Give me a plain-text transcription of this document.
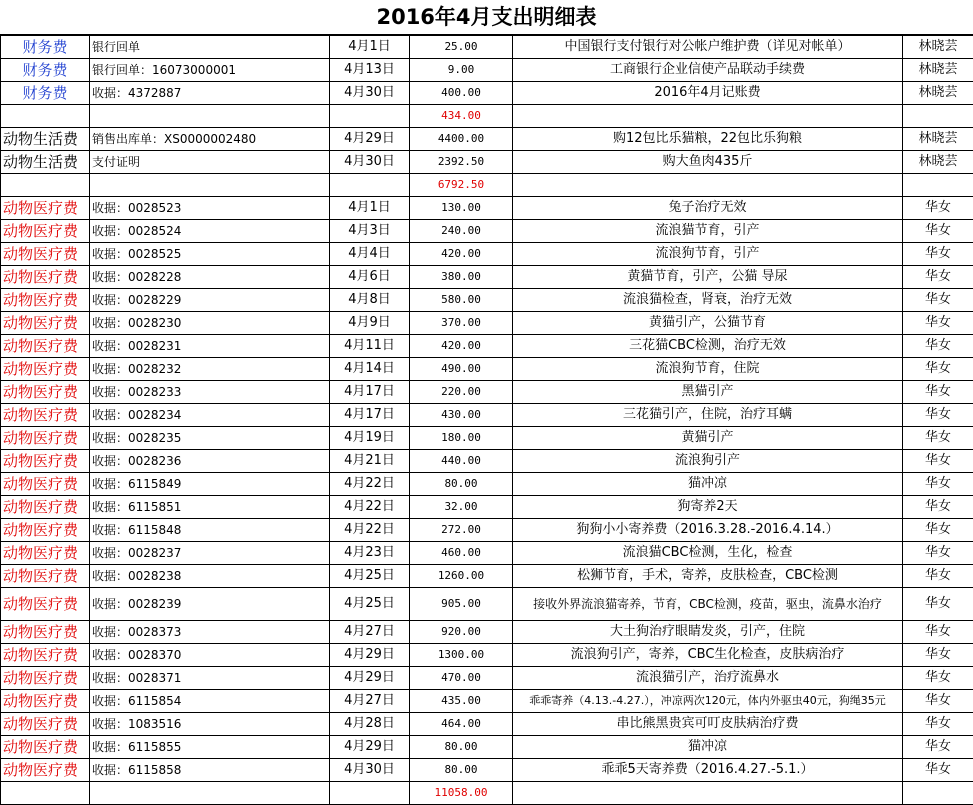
2016年4月支出明细表
财务费	银行回单	4月1日	25.00	中国银行支付银行对公帐户维护费（详见对帐单）	林晓芸
财务费	银行回单：16073000001	4月13日	9.00	工商银行企业信使产品联动手续费	林晓芸
财务费	收据：4372887	4月30日	400.00	2016年4月记账费	林晓芸
			434.00		
动物生活费	销售出库单：XS0000002480	4月29日	4400.00	购12包比乐猫粮，22包比乐狗粮	林晓芸
动物生活费	支付证明	4月30日	2392.50	购大鱼肉435斤	林晓芸
			6792.50		
动物医疗费	收据：0028523	4月1日	130.00	兔子治疗无效	华女
动物医疗费	收据：0028524	4月3日	240.00	流浪猫节育，引产	华女
动物医疗费	收据：0028525	4月4日	420.00	流浪狗节育，引产	华女
动物医疗费	收据：0028228	4月6日	380.00	黄猫节育，引产，公猫 导尿	华女
动物医疗费	收据：0028229	4月8日	580.00	流浪猫检查，肾衰，治疗无效	华女
动物医疗费	收据：0028230	4月9日	370.00	黄猫引产，公猫节育	华女
动物医疗费	收据：0028231	4月11日	420.00	三花猫CBC检测，治疗无效	华女
动物医疗费	收据：0028232	4月14日	490.00	流浪狗节育，住院	华女
动物医疗费	收据：0028233	4月17日	220.00	黑猫引产	华女
动物医疗费	收据：0028234	4月17日	430.00	三花猫引产，住院，治疗耳螨	华女
动物医疗费	收据：0028235	4月19日	180.00	黄猫引产	华女
动物医疗费	收据：0028236	4月21日	440.00	流浪狗引产	华女
动物医疗费	收据：6115849	4月22日	80.00	猫冲凉	华女
动物医疗费	收据：6115851	4月22日	32.00	狗寄养2天	华女
动物医疗费	收据：6115848	4月22日	272.00	狗狗小小寄养费（2016.3.28.-2016.4.14.）	华女
动物医疗费	收据：0028237	4月23日	460.00	流浪猫CBC检测，生化，检查	华女
动物医疗费	收据：0028238	4月25日	1260.00	松狮节育，手术，寄养，皮肤检查，CBC检测	华女
动物医疗费	收据：0028239	4月25日	905.00	接收外界流浪猫寄养，节育，CBC检测，疫苗，驱虫，流鼻水治疗	华女
动物医疗费	收据：0028373	4月27日	920.00	大土狗治疗眼睛发炎，引产，住院	华女
动物医疗费	收据：0028370	4月29日	1300.00	流浪狗引产，寄养，CBC生化检查，皮肤病治疗	华女
动物医疗费	收据：0028371	4月29日	470.00	流浪猫引产，治疗流鼻水	华女
动物医疗费	收据：6115854	4月27日	435.00	乖乖寄养（4.13.-4.27.），冲凉两次120元，体内外驱虫40元，狗绳35元	华女
动物医疗费	收据：1083516	4月28日	464.00	串比熊黑贵宾可叮皮肤病治疗费	华女
动物医疗费	收据：6115855	4月29日	80.00	猫冲凉	华女
动物医疗费	收据：6115858	4月30日	80.00	乖乖5天寄养费（2016.4.27.-5.1.）	华女
			11058.00		
